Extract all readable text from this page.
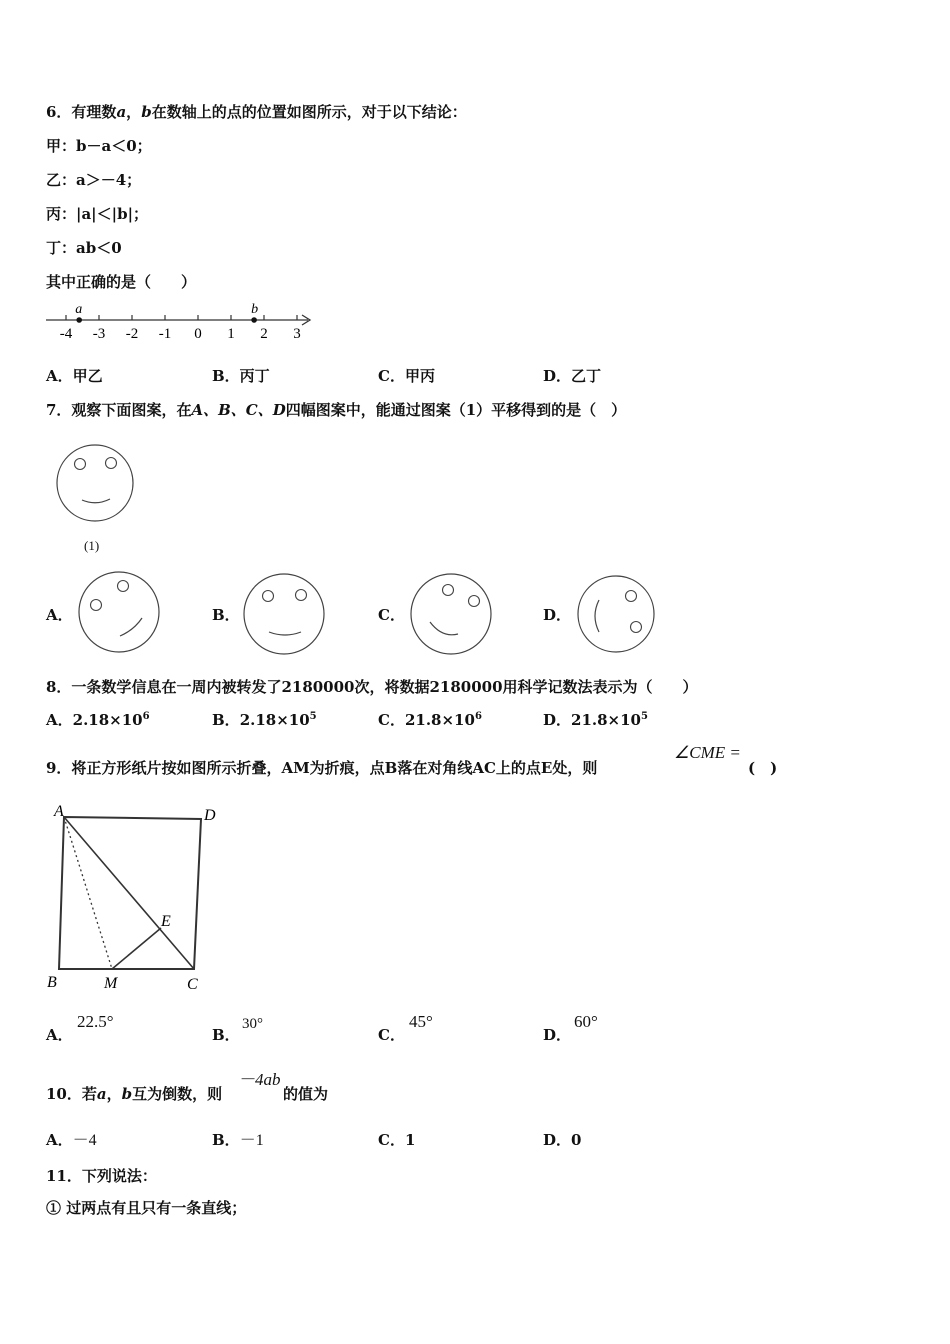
6．有理数a，b在数轴上的点的位置如图所示，对于以下结论：
甲：b－a＜0；
乙：a＞－4；
丙：|a|＜|b|；
丁：ab＜0
其中正确的是（　　）
-4 -3 -2 -1 0 1 2 3
a	b
A．甲乙	B．丙丁	C．甲丙	D．乙丁
7．观察下面图案，在A、B、C、D四幅图案中，能通过图案（1）平移得到的是（　）
(1)
A．	B．	C．	D．
8．一条数学信息在一周内被转发了2180000次，将数据2180000用科学记数法表示为（　　）
A．$2.18\times 10^6$	B．$2.18\times 10^5$	C．$21.8\times 10^6$	D．$21.8\times 10^5$
9．将正方形纸片按如图所示折叠，AM为折痕，点B落在对角线AC上的点E处，则
∠CME =
(　)
A	D
B	C
E
M
A．
22.5°
B．
30°
C．
45°
D．
60°
10．若a，b互为倒数，则
－4ab
的值为
A．－4	B．－1	C．1	D．0
11．下列说法：
① 过两点有且只有一条直线；
